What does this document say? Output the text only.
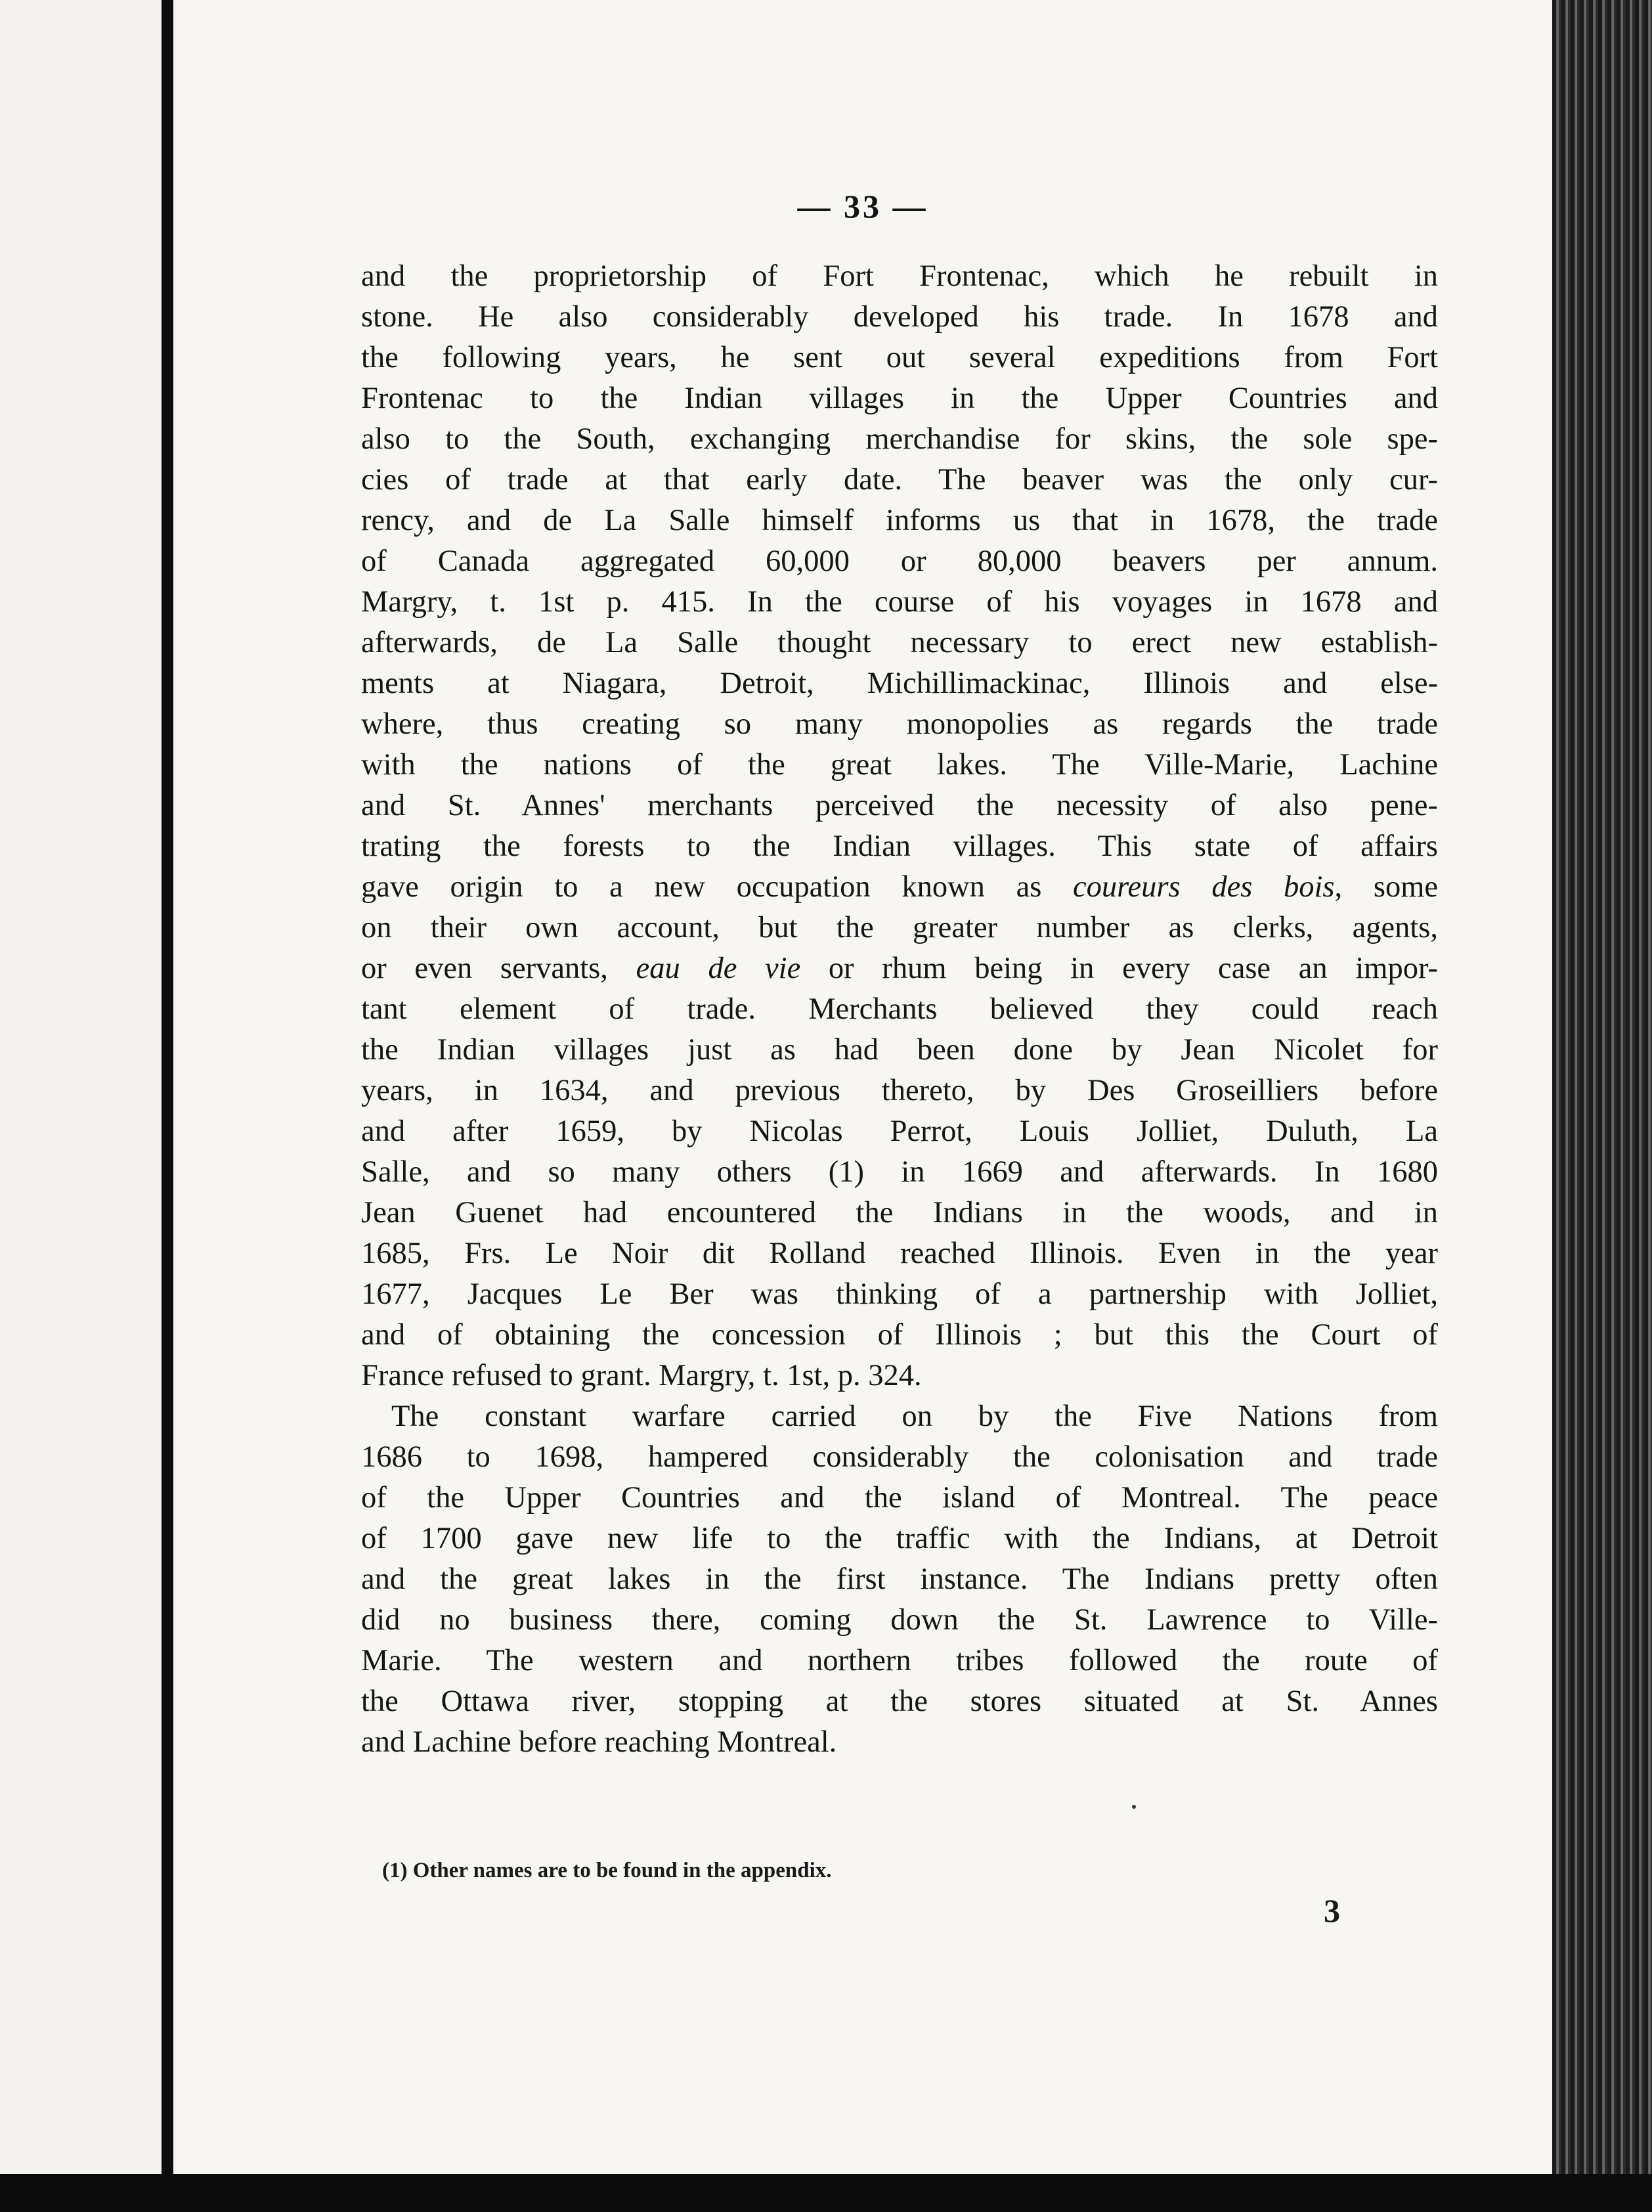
— 33 —
and the proprietorship of Fort Frontenac, which he rebuilt in
stone. He also considerably developed his trade. In 1678 and
the following years, he sent out several expeditions from Fort
Frontenac to the Indian villages in the Upper Countries and
also to the South, exchanging merchandise for skins, the sole spe-
cies of trade at that early date. The beaver was the only cur-
rency, and de La Salle himself informs us that in 1678, the trade
of Canada aggregated 60,000 or 80,000 beavers per annum.
Margry, t. 1st p. 415. In the course of his voyages in 1678 and
afterwards, de La Salle thought necessary to erect new establish-
ments at Niagara, Detroit, Michillimackinac, Illinois and else-
where, thus creating so many monopolies as regards the trade
with the nations of the great lakes. The Ville-Marie, Lachine
and St. Annes' merchants perceived the necessity of also pene-
trating the forests to the Indian villages. This state of affairs
gave origin to a new occupation known as coureurs des bois, some
on their own account, but the greater number as clerks, agents,
or even servants, eau de vie or rhum being in every case an impor-
tant element of trade. Merchants believed they could reach
the Indian villages just as had been done by Jean Nicolet for
years, in 1634, and previous thereto, by Des Groseilliers before
and after 1659, by Nicolas Perrot, Louis Jolliet, Duluth, La
Salle, and so many others (1) in 1669 and afterwards. In 1680
Jean Guenet had encountered the Indians in the woods, and in
1685, Frs. Le Noir dit Rolland reached Illinois. Even in the year
1677, Jacques Le Ber was thinking of a partnership with Jolliet,
and of obtaining the concession of Illinois ; but this the Court of
France refused to grant. Margry, t. 1st, p. 324.
The constant warfare carried on by the Five Nations from
1686 to 1698, hampered considerably the colonisation and trade
of the Upper Countries and the island of Montreal. The peace
of 1700 gave new life to the traffic with the Indians, at Detroit
and the great lakes in the first instance. The Indians pretty often
did no business there, coming down the St. Lawrence to Ville-
Marie. The western and northern tribes followed the route of
the Ottawa river, stopping at the stores situated at St. Annes
and Lachine before reaching Montreal.
(1) Other names are to be found in the appendix.
3
